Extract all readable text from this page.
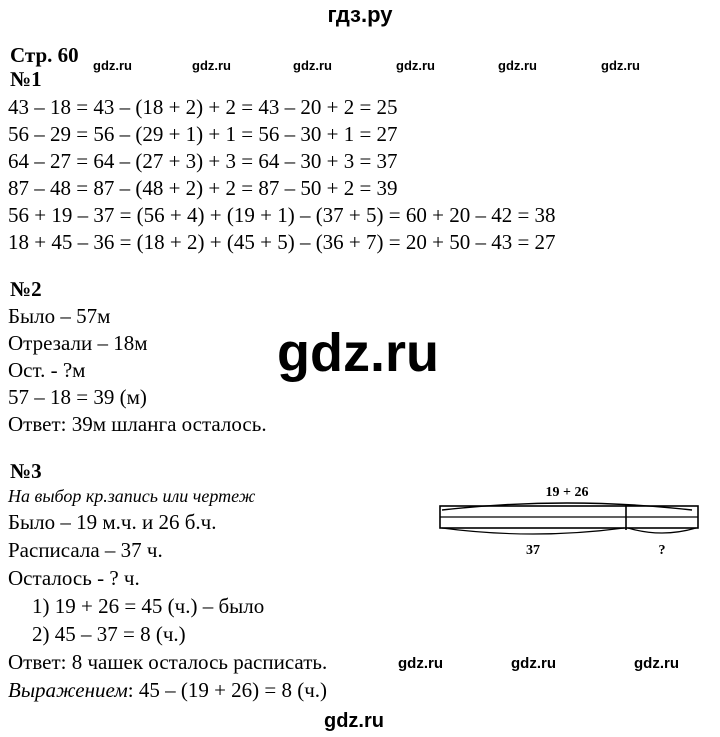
гдз.ру
gdz.ru	gdz.ru	gdz.ru	gdz.ru	gdz.ru	gdz.ru
gdz.ru
gdz.ru	gdz.ru	gdz.ru
gdz.ru
Стр. 60
№1
43 – 18 = 43 – (18 + 2) + 2 = 43 – 20 + 2 = 25
56 – 29 = 56 – (29 + 1) + 1 = 56 – 30 + 1 = 27
64 – 27 = 64 – (27 + 3) + 3 = 64 – 30 + 3 = 37
87 – 48 = 87 – (48 + 2) + 2 = 87 – 50 + 2 = 39
56 + 19 – 37 = (56 + 4) + (19 + 1) – (37 + 5) = 60 + 20 – 42 = 38
18 + 45 – 36 = (18 + 2) + (45 + 5) – (36 + 7) = 20 + 50 – 43 = 27
№2
Было – 57м
Отрезали – 18м
Ост. - ?м
57 – 18 = 39 (м)
Ответ: 39м шланга осталось.
№3
На выбор кр.запись или чертеж
Было – 19 м.ч. и 26 б.ч.
Расписала – 37 ч.
Осталось - ? ч.
1) 19 + 26 = 45 (ч.) – было
2) 45 – 37 = 8 (ч.)
Ответ: 8 чашек осталось расписать.
Выражением: 45 – (19 + 26) = 8 (ч.)
19 + 26
37	?
